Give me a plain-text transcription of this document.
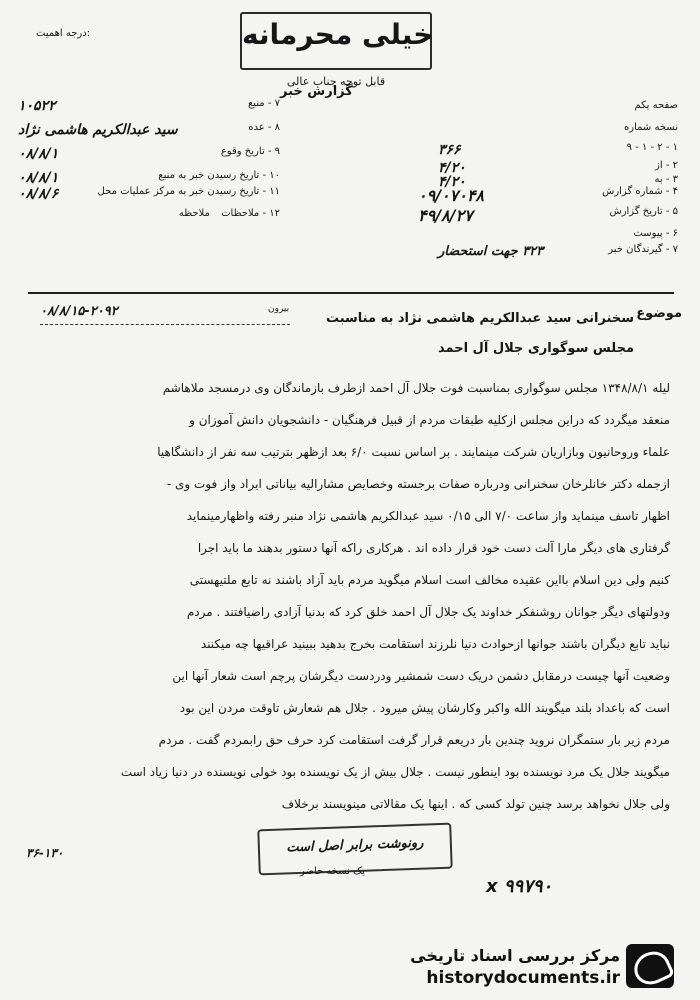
خیلی محرمانه
قابل توجه جناب عالی
درجه اهمیت:
گزارش خبر
۷ - منبع
۱۰۵۲۲
۸ - عده
سید عبدالکریم هاشمی نژاد
۹ - تاریخ وقوع
۰۸/۸/۱
۱۰ - تاریخ رسیدن خبر به منبع
۰۸/۸/۱
۱۱ - تاریخ رسیدن خبر به مرکز عملیات محل
۰۸/۸/۶
۱۲ - ملاحظات ملاحظه
صفحه یکم
نسخه شماره
۱ - ۲ - ۱ - ۹
۳۶۶
۲ - از
۴/۲۰
۳ - به
۴/۲۰
۴ - شماره گزارش
۰۹/۰۷۰۴۸
۵ - تاریخ گزارش
۴۹/۸/۲۷
۶ - پیوست
۷ - گیرندگان خبر
۳۲۳ جهت استحضار
موضوع
سخنرانی سید عبدالکریم هاشمی نژاد به مناسبت مجلس سوگواری جلال آل احمد
۰۸/۸/۱۵-۲۰۹۲	بیرون
لیله ۱۳۴۸/۸/۱ مجلس سوگواری بمناسبت فوت جلال آل احمد ازطرف بازماندگان وی درمسجد ملاهاشم
منعقد میگردد که دراین مجلس ازکلیه طبقات مردم از قبیل فرهنگیان - دانشجویان دانش آموزان و
علماء وروحانیون وبازاریان شرکت مینمایند . بر اساس نسبت ۶/۰ بعد ازظهر بترتیب سه نفر از دانشگاهیا
ازجمله دکتر خانلرخان سخنرانی ودرباره صفات برجسته وخصایص مشارالیه بیاناتی ایراد واز فوت وی -
اظهار تاسف مینماید واز ساعت ۷/۰ الی ۰/۱۵ سید عبدالکریم هاشمی نژاد منبر رفته واظهارمینماید
گرفتاری های دیگر مارا آلت دست خود قرار داده اند . هرکاری راکه آنها دستور بدهند ما باید اجرا
کنیم ولی دین اسلام بااین عقیده مخالف است اسلام میگوید مردم باید آزاد باشند نه تابع ملتیهستی
ودولتهای دیگر جوانان روشنفکر خداوند یک جلال آل احمد خلق کرد که بدنیا آزادی راضیافتند . مردم
نباید تابع دیگران باشند جوانها ازحوادث دنیا نلرزند استقامت بخرج بدهید ببینید عراقیها چه میکنند
وضعیت آنها چیست درمقابل دشمن دریک دست شمشیر ودردست دیگرشان پرچم است شعار آنها این
است که باعداد بلند میگویند الله واکبر وکارشان پیش میرود . جلال هم شعارش تاوقت مردن این بود
مردم زیر بار ستمگران نروید چندین بار دریعم قرار گرفت استقامت کرد حرف حق رابمردم گفت . مردم
میگویند جلال یک مرد نویسنده بود اینطور نیست . جلال بیش از یک نویسنده بود خولی نویسنده در دنیا زیاد است
ولی جلال نخواهد برسد چنین تولد کسی که . اینها یک مقالاتی مینویسند برخلاف
رونوشت برابر اصل است
یک نسخه حاضر
۳۶-۱۳۰
x ۹۹۷۹۰
مرکز بررسی اسناد تاریخی
historydocuments.ir
